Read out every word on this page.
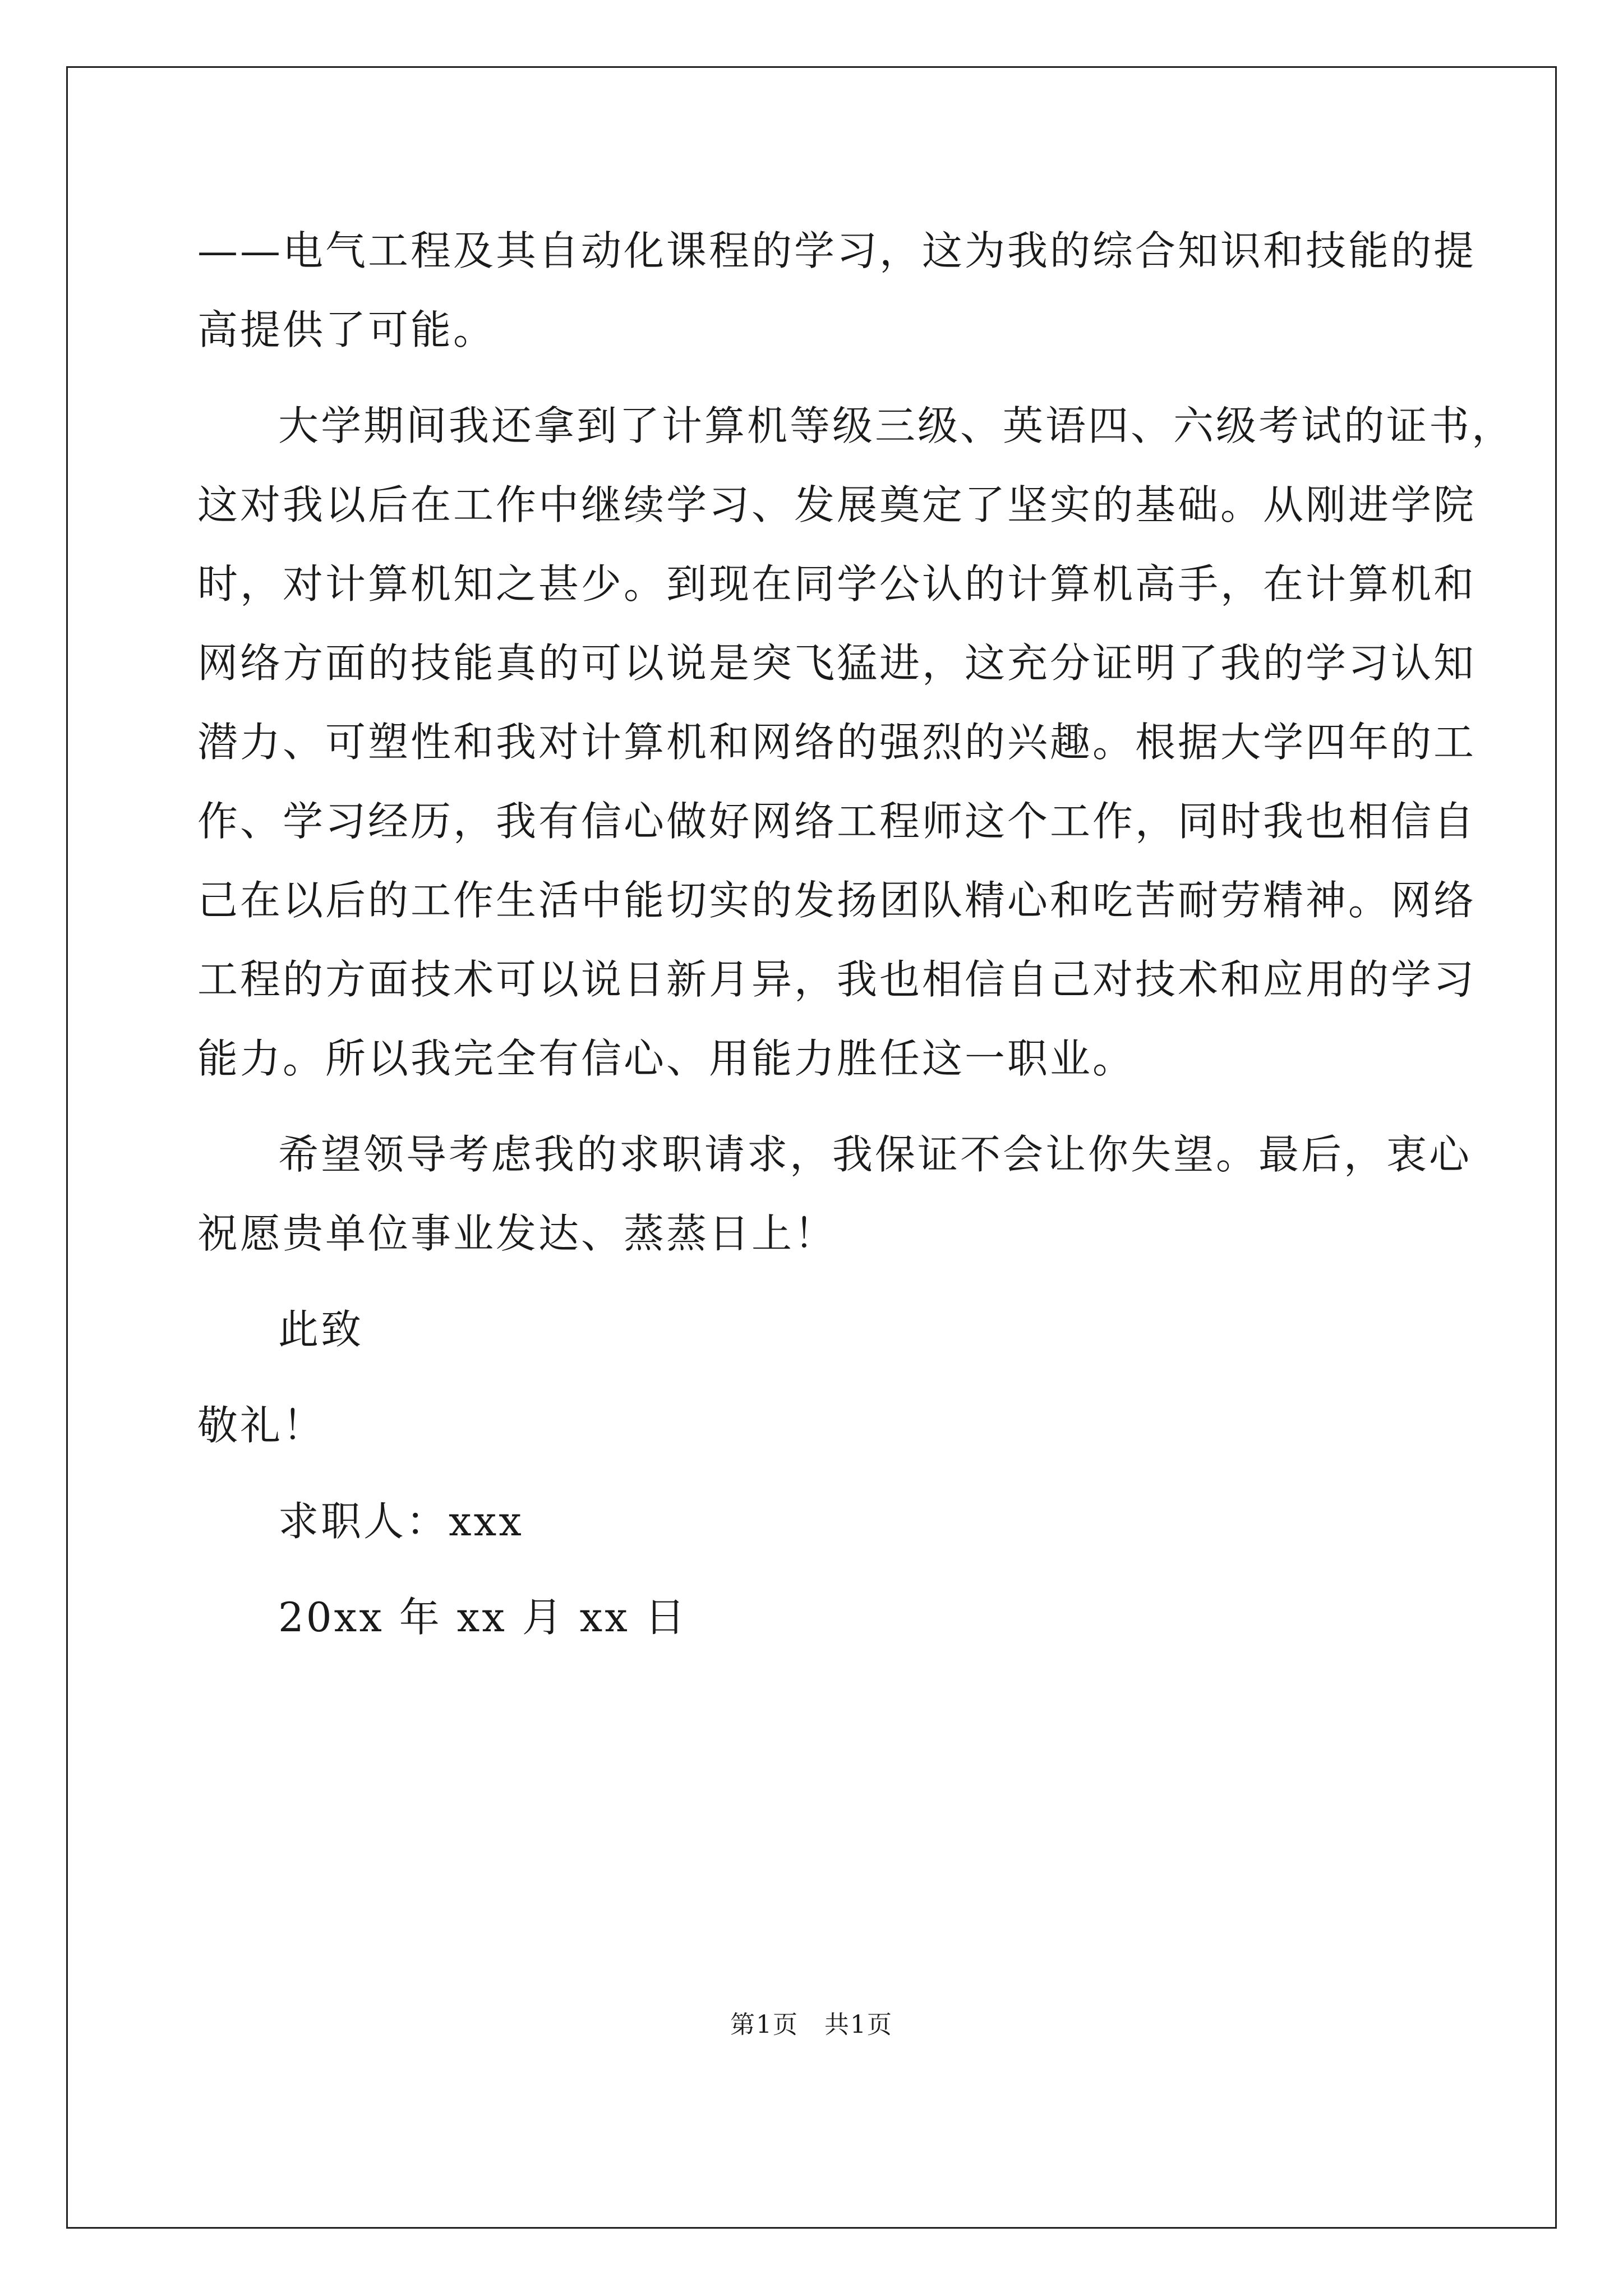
——电气工程及其自动化课程的学习，这为我的综合知识和技能的提
高提供了可能。
大学期间我还拿到了计算机等级三级、英语四、六级考试的证书，
这对我以后在工作中继续学习、发展奠定了坚实的基础。从刚进学院
时，对计算机知之甚少。到现在同学公认的计算机高手，在计算机和
网络方面的技能真的可以说是突飞猛进，这充分证明了我的学习认知
潜力、可塑性和我对计算机和网络的强烈的兴趣。根据大学四年的工
作、学习经历，我有信心做好网络工程师这个工作，同时我也相信自
己在以后的工作生活中能切实的发扬团队精心和吃苦耐劳精神。网络
工程的方面技术可以说日新月异，我也相信自己对技术和应用的学习
能力。所以我完全有信心、用能力胜任这一职业。
希望领导考虑我的求职请求，我保证不会让你失望。最后，衷心
祝愿贵单位事业发达、蒸蒸日上！
此致
敬礼！
求职人：xxx
20xx 年 xx 月 xx 日
第1页　共1页
